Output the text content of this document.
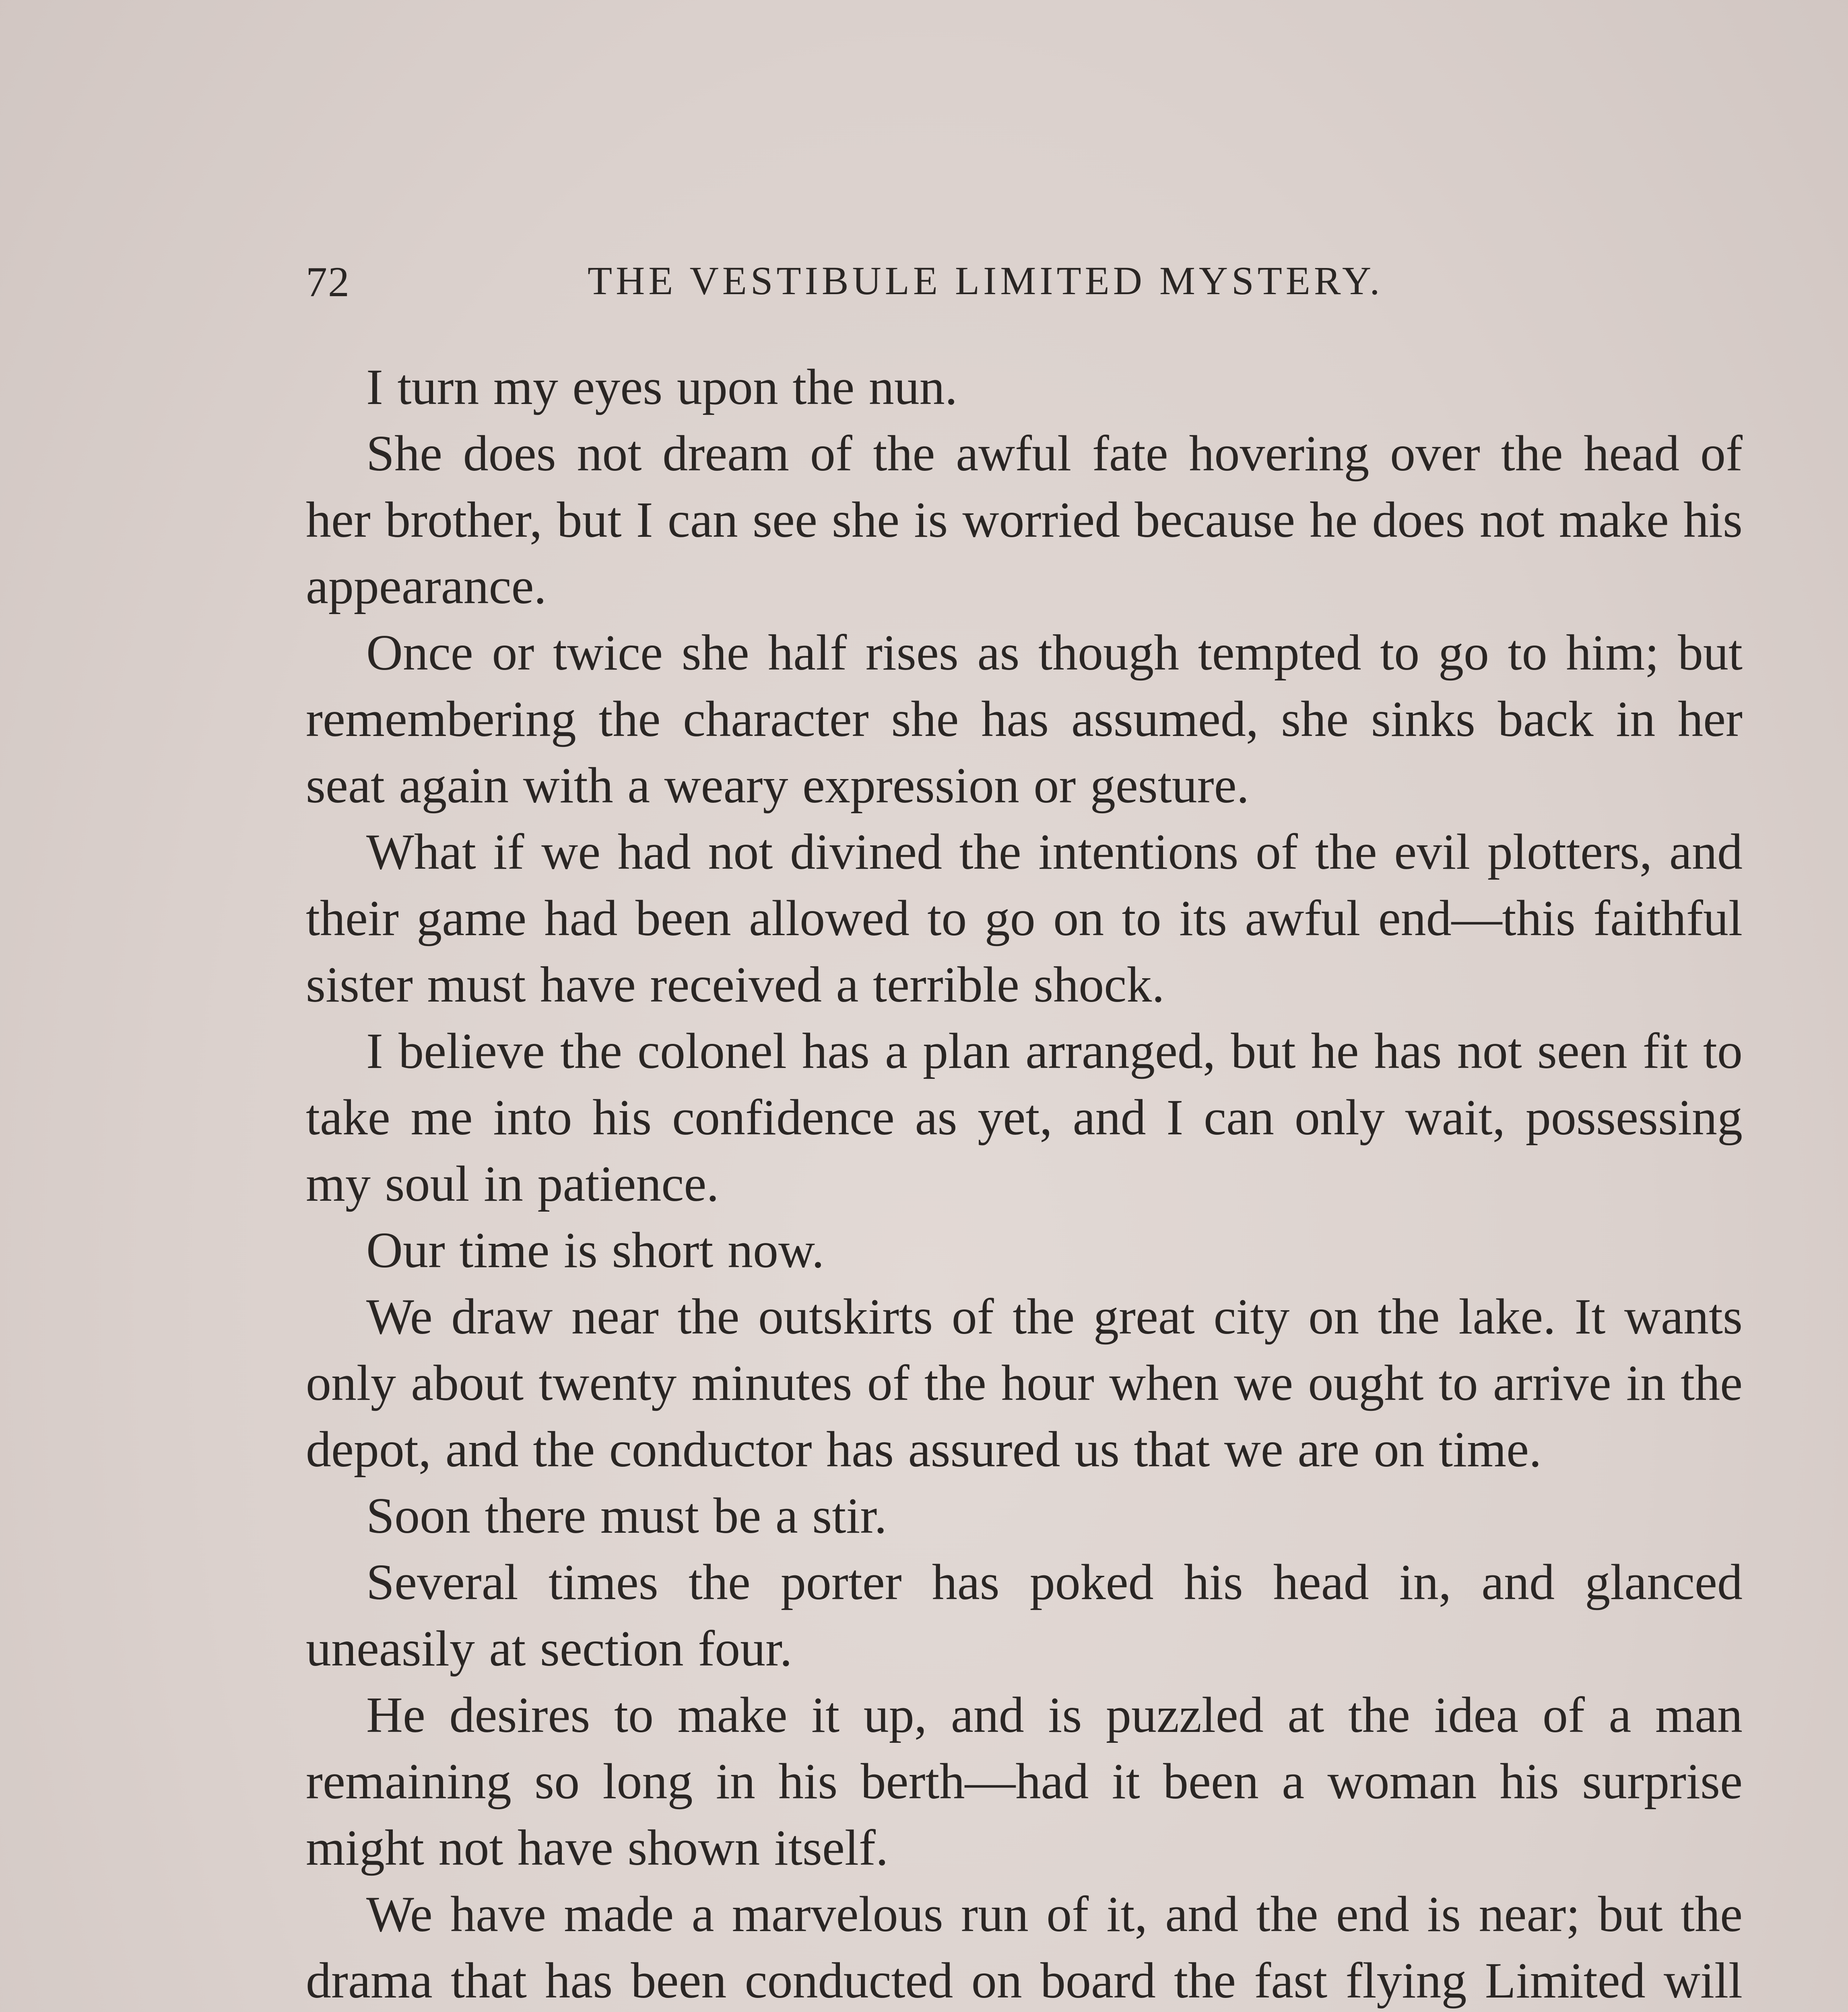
72	THE VESTIBULE LIMITED MYSTERY.

I turn my eyes upon the nun.

She does not dream of the awful fate hovering over the head of her brother, but I can see she is worried because he does not make his appearance.

Once or twice she half rises as though tempted to go to him; but remembering the character she has assumed, she sinks back in her seat again with a weary expression or gesture.

What if we had not divined the intentions of the evil plotters, and their game had been allowed to go on to its awful end—this faithful sister must have received a terrible shock.

I believe the colonel has a plan arranged, but he has not seen fit to take me into his confidence as yet, and I can only wait, possessing my soul in patience.

Our time is short now.

We draw near the outskirts of the great city on the lake. It wants only about twenty minutes of the hour when we ought to arrive in the depot, and the conductor has assured us that we are on time.

Soon there must be a stir.

Several times the porter has poked his head in, and glanced uneasily at section four.

He desires to make it up, and is puzzled at the idea of a man remaining so long in his berth—had it been a woman his surprise might not have shown itself.

We have made a marvelous run of it, and the end is near; but the drama that has been conducted on board the fast flying Limited will
